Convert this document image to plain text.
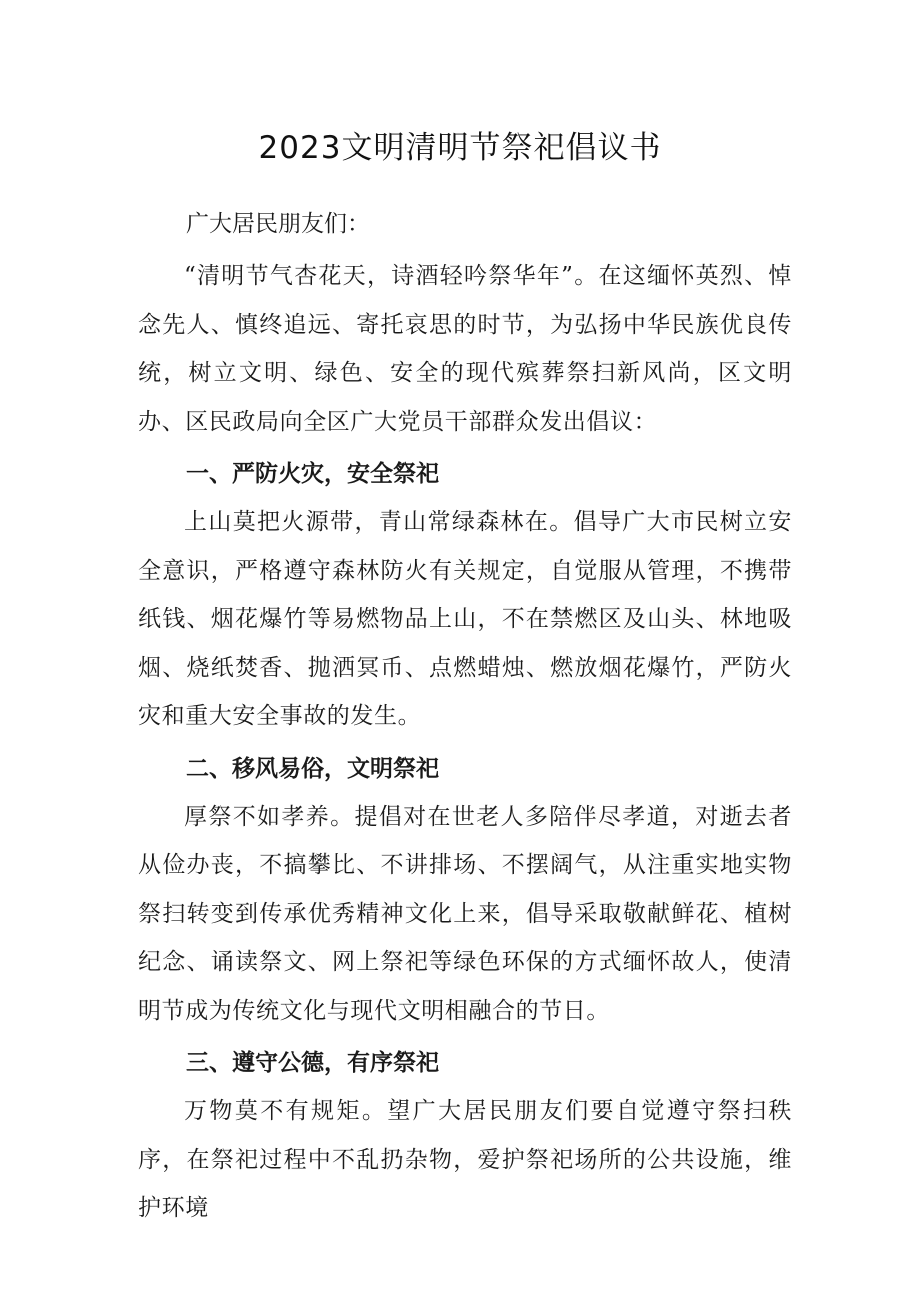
2023文明清明节祭祀倡议书

广大居民朋友们：

“清明节气杏花天，诗酒轻吟祭华年”。在这缅怀英烈、悼念先人、慎终追远、寄托哀思的时节，为弘扬中华民族优良传统，树立文明、绿色、安全的现代殡葬祭扫新风尚，区文明办、区民政局向全区广大党员干部群众发出倡议：

一、严防火灾，安全祭祀

上山莫把火源带，青山常绿森林在。倡导广大市民树立安全意识，严格遵守森林防火有关规定，自觉服从管理，不携带纸钱、烟花爆竹等易燃物品上山，不在禁燃区及山头、林地吸烟、烧纸焚香、抛洒冥币、点燃蜡烛、燃放烟花爆竹，严防火灾和重大安全事故的发生。

二、移风易俗，文明祭祀

厚祭不如孝养。提倡对在世老人多陪伴尽孝道，对逝去者从俭办丧，不搞攀比、不讲排场、不摆阔气，从注重实地实物祭扫转变到传承优秀精神文化上来，倡导采取敬献鲜花、植树纪念、诵读祭文、网上祭祀等绿色环保的方式缅怀故人，使清明节成为传统文化与现代文明相融合的节日。

三、遵守公德，有序祭祀

万物莫不有规矩。望广大居民朋友们要自觉遵守祭扫秩序，在祭祀过程中不乱扔杂物，爱护祭祀场所的公共设施，维护环境
